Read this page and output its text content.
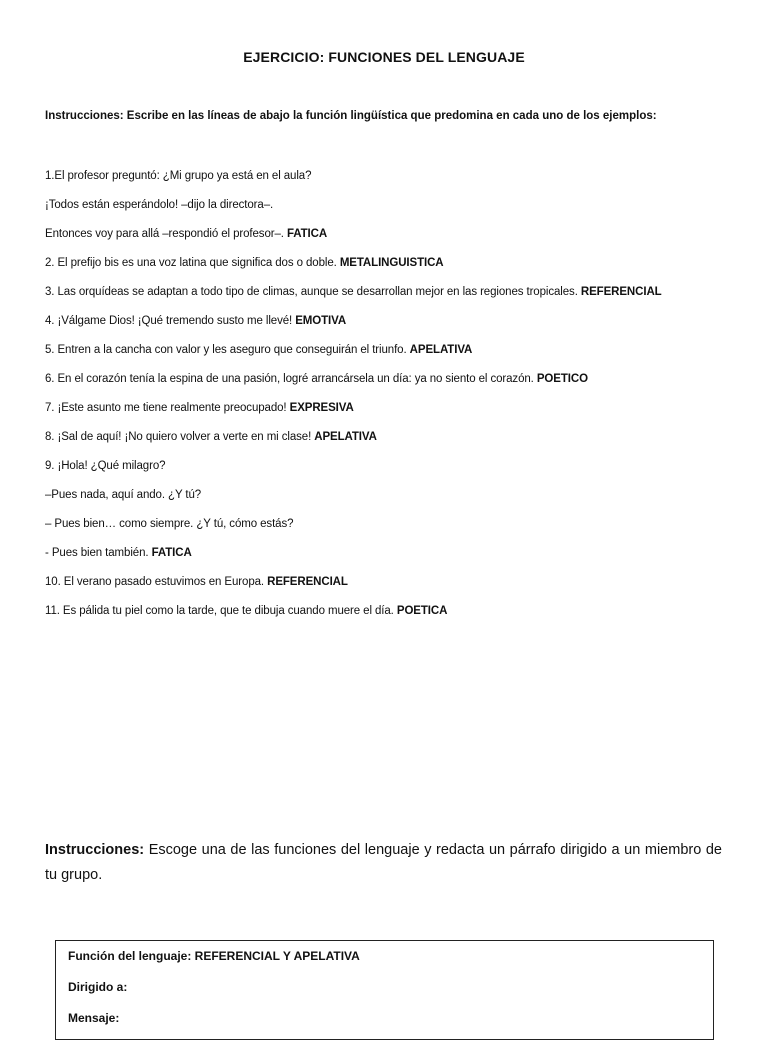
EJERCICIO: FUNCIONES DEL LENGUAJE
Instrucciones: Escribe en las líneas de abajo la función lingüística que predomina en cada uno de los ejemplos:
1.El profesor preguntó: ¿Mi grupo ya está en el aula?
¡Todos están esperándolo! –dijo la directora–.
Entonces voy para allá –respondió el profesor–. FATICA
2. El prefijo bis es una voz latina que significa dos o doble. METALINGUISTICA
3. Las orquídeas se adaptan a todo tipo de climas, aunque se desarrollan mejor en las regiones tropicales. REFERENCIAL
4. ¡Válgame Dios! ¡Qué tremendo susto me llevé! EMOTIVA
5. Entren a la cancha con valor y les aseguro que conseguirán el triunfo. APELATIVA
6. En el corazón tenía la espina de una pasión, logré arrancársela un día: ya no siento el corazón. POETICO
7. ¡Este asunto me tiene realmente preocupado! EXPRESIVA
8. ¡Sal de aquí! ¡No quiero volver a verte en mi clase! APELATIVA
9. ¡Hola! ¿Qué milagro?
–Pues nada, aquí ando. ¿Y tú?
– Pues bien… como siempre. ¿Y tú, cómo estás?
- Pues bien también. FATICA
10. El verano pasado estuvimos en Europa. REFERENCIAL
11. Es pálida tu piel como la tarde, que te dibuja cuando muere el día. POETICA
Instrucciones: Escoge una de las funciones del lenguaje y redacta un párrafo dirigido a un miembro de tu grupo.
Función del lenguaje: REFERENCIAL Y APELATIVA
Dirigido a:
Mensaje:
